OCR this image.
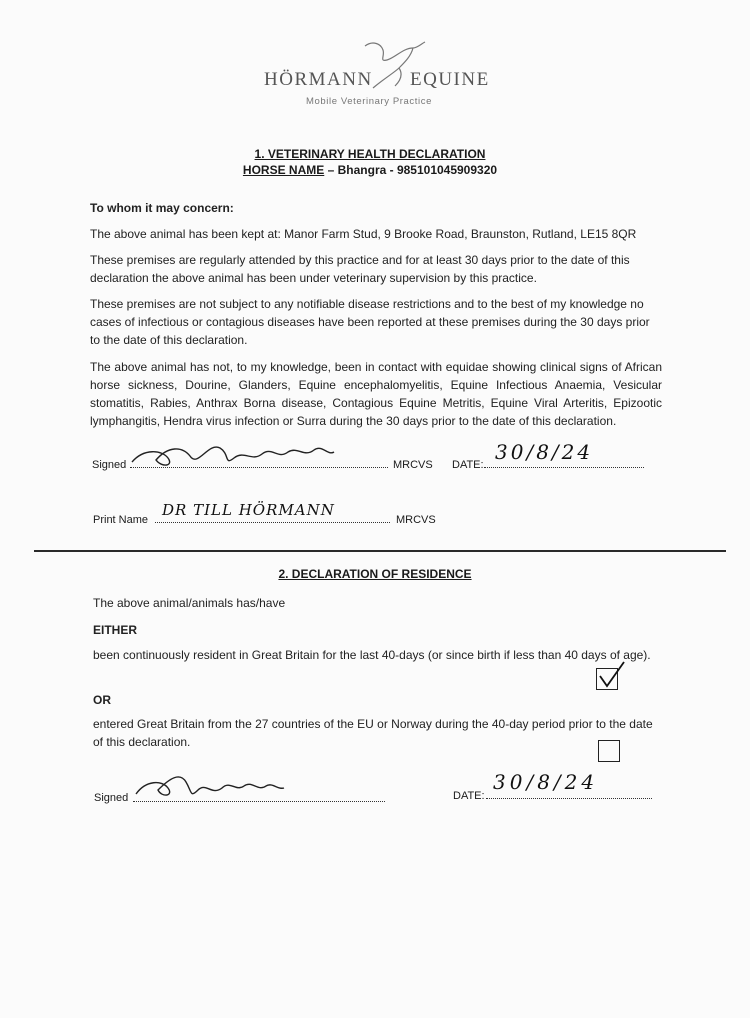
HÖRMANN EQUINE
Mobile Veterinary Practice
1. VETERINARY HEALTH DECLARATION
HORSE NAME – Bhangra - 985101045909320
To whom it may concern:
The above animal has been kept at: Manor Farm Stud, 9 Brooke Road, Braunston, Rutland, LE15 8QR
These premises are regularly attended by this practice and for at least 30 days prior to the date of this declaration the above animal has been under veterinary supervision by this practice.
These premises are not subject to any notifiable disease restrictions and to the best of my knowledge no cases of infectious or contagious diseases have been reported at these premises during the 30 days prior to the date of this declaration.
The above animal has not, to my knowledge, been in contact with equidae showing clinical signs of African horse sickness, Dourine, Glanders, Equine encephalomyelitis, Equine Infectious Anaemia, Vesicular stomatitis, Rabies, Anthrax Borna disease, Contagious Equine Metritis, Equine Viral Arteritis, Epizootic lymphangitis, Hendra virus infection or Surra during the 30 days prior to the date of this declaration.
Signed	MRCVS DATE:
30/8/24
Print Name
DR TILL HÖRMANN
MRCVS
2. DECLARATION OF RESIDENCE
The above animal/animals has/have
EITHER
been continuously resident in Great Britain for the last 40-days (or since birth if less than 40 days of age).
OR
entered Great Britain from the 27 countries of the EU or Norway during the 40-day period prior to the date of this declaration.
Signed	DATE:
30/8/24
